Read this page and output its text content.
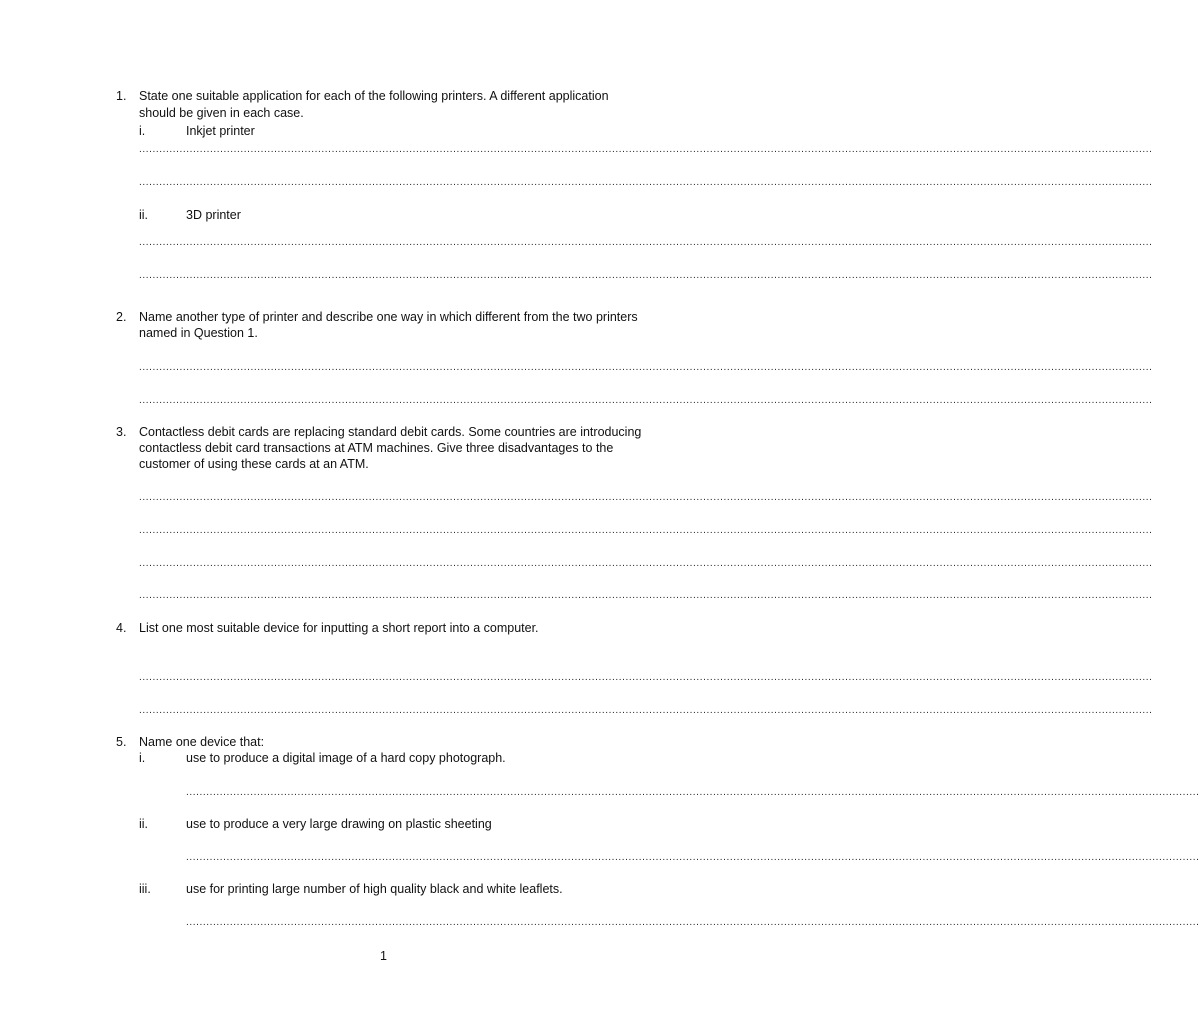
1. State one suitable application for each of the following printers. A different application
should be given in each case.
i.	Inkjet printer
............................................................................................................................................................................................................................................................................................................
............................................................................................................................................................................................................................................................................................................
ii.	3D printer
............................................................................................................................................................................................................................................................................................................
............................................................................................................................................................................................................................................................................................................
2. Name another type of printer and describe one way in which different from the two printers
named in Question 1.
............................................................................................................................................................................................................................................................................................................
............................................................................................................................................................................................................................................................................................................
3. Contactless debit cards are replacing standard debit cards. Some countries are introducing
contactless debit card transactions at ATM machines. Give three disadvantages to the
customer of using these cards at an ATM.
............................................................................................................................................................................................................................................................................................................
............................................................................................................................................................................................................................................................................................................
............................................................................................................................................................................................................................................................................................................
............................................................................................................................................................................................................................................................................................................
4. List one most suitable device for inputting a short report into a computer.
............................................................................................................................................................................................................................................................................................................
............................................................................................................................................................................................................................................................................................................
5. Name one device that:
i.	use to produce a digital image of a hard copy photograph.
............................................................................................................................................................................................................................................................................................................
ii.	use to produce a very large drawing on plastic sheeting
............................................................................................................................................................................................................................................................................................................
iii.	use for printing large number of high quality black and white leaflets.
............................................................................................................................................................................................................................................................................................................
1
